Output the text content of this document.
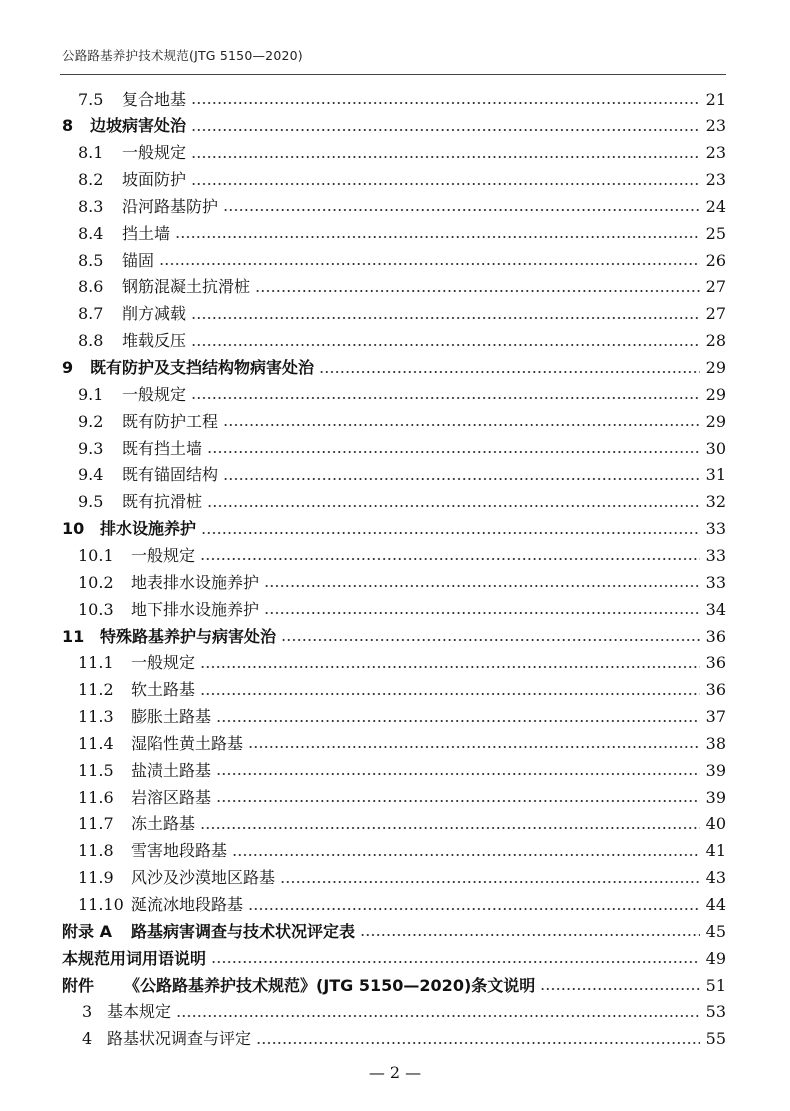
公路路基养护技术规范(JTG 5150—2020)
7.5 复合地基	21
8 边坡病害处治	23
8.1 一般规定	23
8.2 坡面防护	23
8.3 沿河路基防护	24
8.4 挡土墙	25
8.5 锚固	26
8.6 钢筋混凝土抗滑桩	27
8.7 削方减载	27
8.8 堆载反压	28
9 既有防护及支挡结构物病害处治	29
9.1 一般规定	29
9.2 既有防护工程	29
9.3 既有挡土墙	30
9.4 既有锚固结构	31
9.5 既有抗滑桩	32
10 排水设施养护	33
10.1 一般规定	33
10.2 地表排水设施养护	33
10.3 地下排水设施养护	34
11 特殊路基养护与病害处治	36
11.1 一般规定	36
11.2 软土路基	36
11.3 膨胀土路基	37
11.4 湿陷性黄土路基	38
11.5 盐渍土路基	39
11.6 岩溶区路基	39
11.7 冻土路基	40
11.8 雪害地段路基	41
11.9 风沙及沙漠地区路基	43
11.10 涎流冰地段路基	44
附录 A 路基病害调查与技术状况评定表	45
本规范用词用语说明	49
附件 《公路路基养护技术规范》(JTG 5150—2020)条文说明	51
3 基本规定	53
4 路基状况调查与评定	55
— 2 —
